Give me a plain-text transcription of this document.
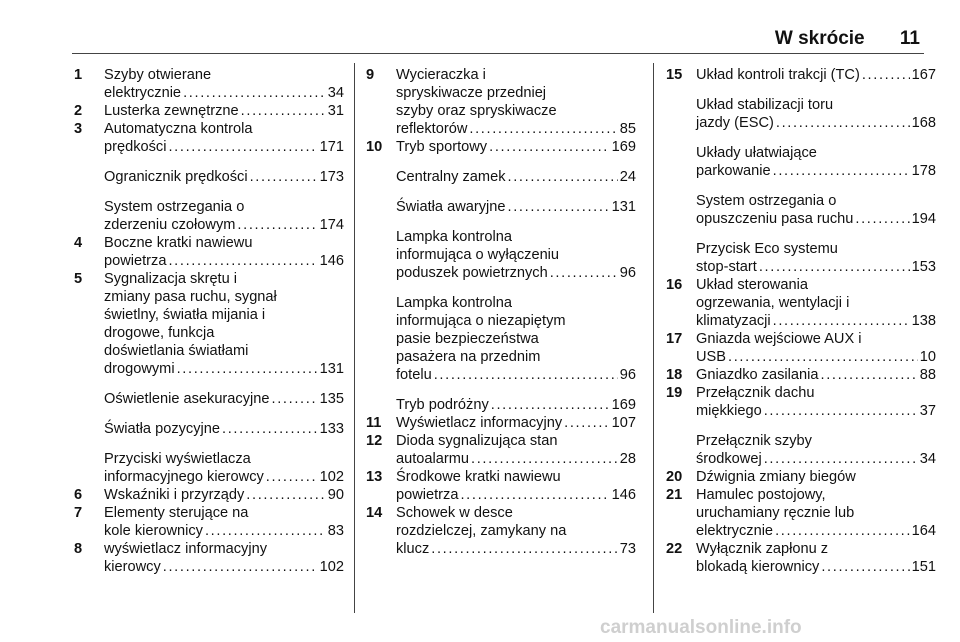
W skrócie 11
1	Szyby otwierane
elektrycznie . . .	34
2	Lusterka zewnętrzne . . .	31
3	Automatyczna kontrola
prędkości . . .	171
Ogranicznik prędkości . . .	173
System ostrzegania o
zderzeniu czołowym . . .	174
4	Boczne kratki nawiewu
powietrza . . .	146
5	Sygnalizacja skrętu i
zmiany pasa ruchu, sygnał
świetlny, światła mijania i
drogowe, funkcja
doświetlania światłami
drogowymi . . .	131
Oświetlenie asekuracyjne . . .	135
Światła pozycyjne . . .	133
Przyciski wyświetlacza
informacyjnego kierowcy . . .	102
6	Wskaźniki i przyrządy . . .	90
7	Elementy sterujące na
kole kierownicy . . .	83
8	wyświetlacz informacyjny
kierowcy . . .	102
9	Wycieraczka i
spryskiwacze przedniej
szyby oraz spryskiwacze
reflektorów . . .	85
10 Tryb sportowy . . .	169
Centralny zamek . . .	24
Światła awaryjne . . .	131
Lampka kontrolna
informująca o wyłączeniu
poduszek powietrznych . . .	96
Lampka kontrolna
informująca o niezapiętym
pasie bezpieczeństwa
pasażera na przednim
fotelu . . .	96
Tryb podróżny . . .	169
11 Wyświetlacz informacyjny . . .	107
12 Dioda sygnalizująca stan
autoalarmu . . .	28
13 Środkowe kratki nawiewu
powietrza . . .	146
14 Schowek w desce
rozdzielczej, zamykany na
klucz . . .	73
15 Układ kontroli trakcji (TC) . . .	167
Układ stabilizacji toru
jazdy (ESC) . . .	168
Układy ułatwiające
parkowanie . . .	178
System ostrzegania o
opuszczeniu pasa ruchu . . .	194
Przycisk Eco systemu
stop-start . . .	153
16 Układ sterowania
ogrzewania, wentylacji i
klimatyzacji . . .	138
17 Gniazda wejściowe AUX i
USB . . .	10
18 Gniazdko zasilania . . .	88
19 Przełącznik dachu
miękkiego . . .	37
Przełącznik szyby
środkowej . . .	34
20 Dźwignia zmiany biegów
21 Hamulec postojowy,
uruchamiany ręcznie lub
elektrycznie . . .	164
22 Wyłącznik zapłonu z
blokadą kierownicy . . .	151
carmanualsonline.info
